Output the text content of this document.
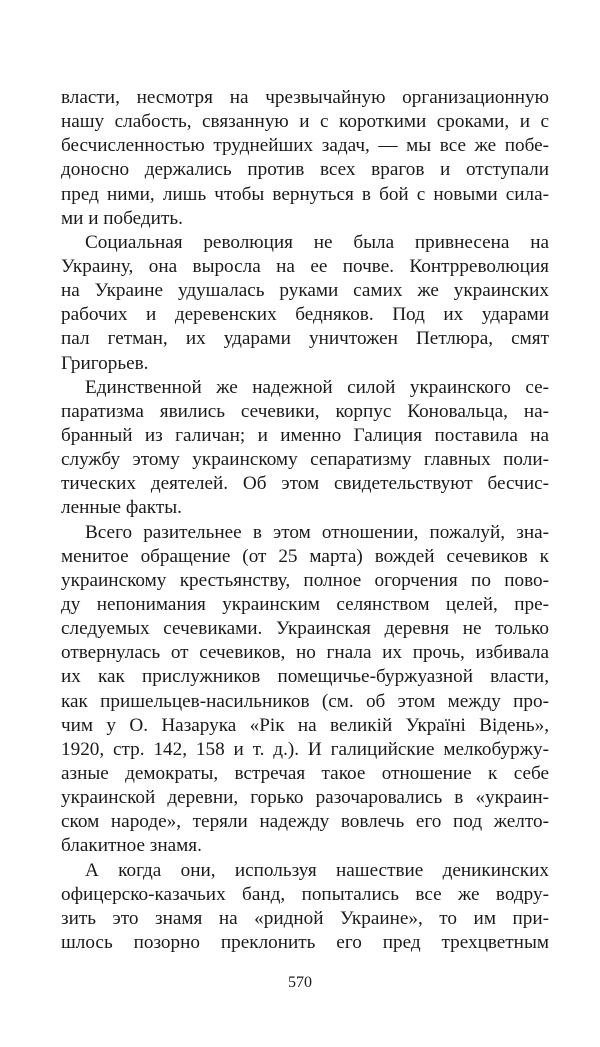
власти, несмотря на чрезвычайную организационную
нашу слабость, связанную и с короткими сроками, и с
бесчисленностью труднейших задач, — мы все же побе-
доносно держались против всех врагов и отступали
пред ними, лишь чтобы вернуться в бой с новыми сила-
ми и победить.
Социальная революция не была привнесена на
Украину, она выросла на ее почве. Контрреволюция
на Украине удушалась руками самих же украинских
рабочих и деревенских бедняков. Под их ударами
пал гетман, их ударами уничтожен Петлюра, смят
Григорьев.
Единственной же надежной силой украинского се-
паратизма явились сечевики, корпус Коновальца, на-
бранный из галичан; и именно Галиция поставила на
службу этому украинскому сепаратизму главных поли-
тических деятелей. Об этом свидетельствуют бесчис-
ленные факты.
Всего разительнее в этом отношении, пожалуй, зна-
менитое обращение (от 25 марта) вождей сечевиков к
украинскому крестьянству, полное огорчения по пово-
ду непонимания украинским селянством целей, пре-
следуемых сечевиками. Украинская деревня не только
отвернулась от сечевиков, но гнала их прочь, избивала
их как прислужников помещичье-буржуазной власти,
как пришельцев-насильников (см. об этом между про-
чим у О. Назарука «Рік на великій Україні Відень»,
1920, стр. 142, 158 и т. д.). И галицийские мелкобуржу-
азные демократы, встречая такое отношение к себе
украинской деревни, горько разочаровались в «украин-
ском народе», теряли надежду вовлечь его под желто-
блакитное знамя.
А когда они, используя нашествие деникинских
офицерско-казачьих банд, попытались все же водру-
зить это знамя на «ридной Украине», то им при-
шлось позорно преклонить его пред трехцветным
570
